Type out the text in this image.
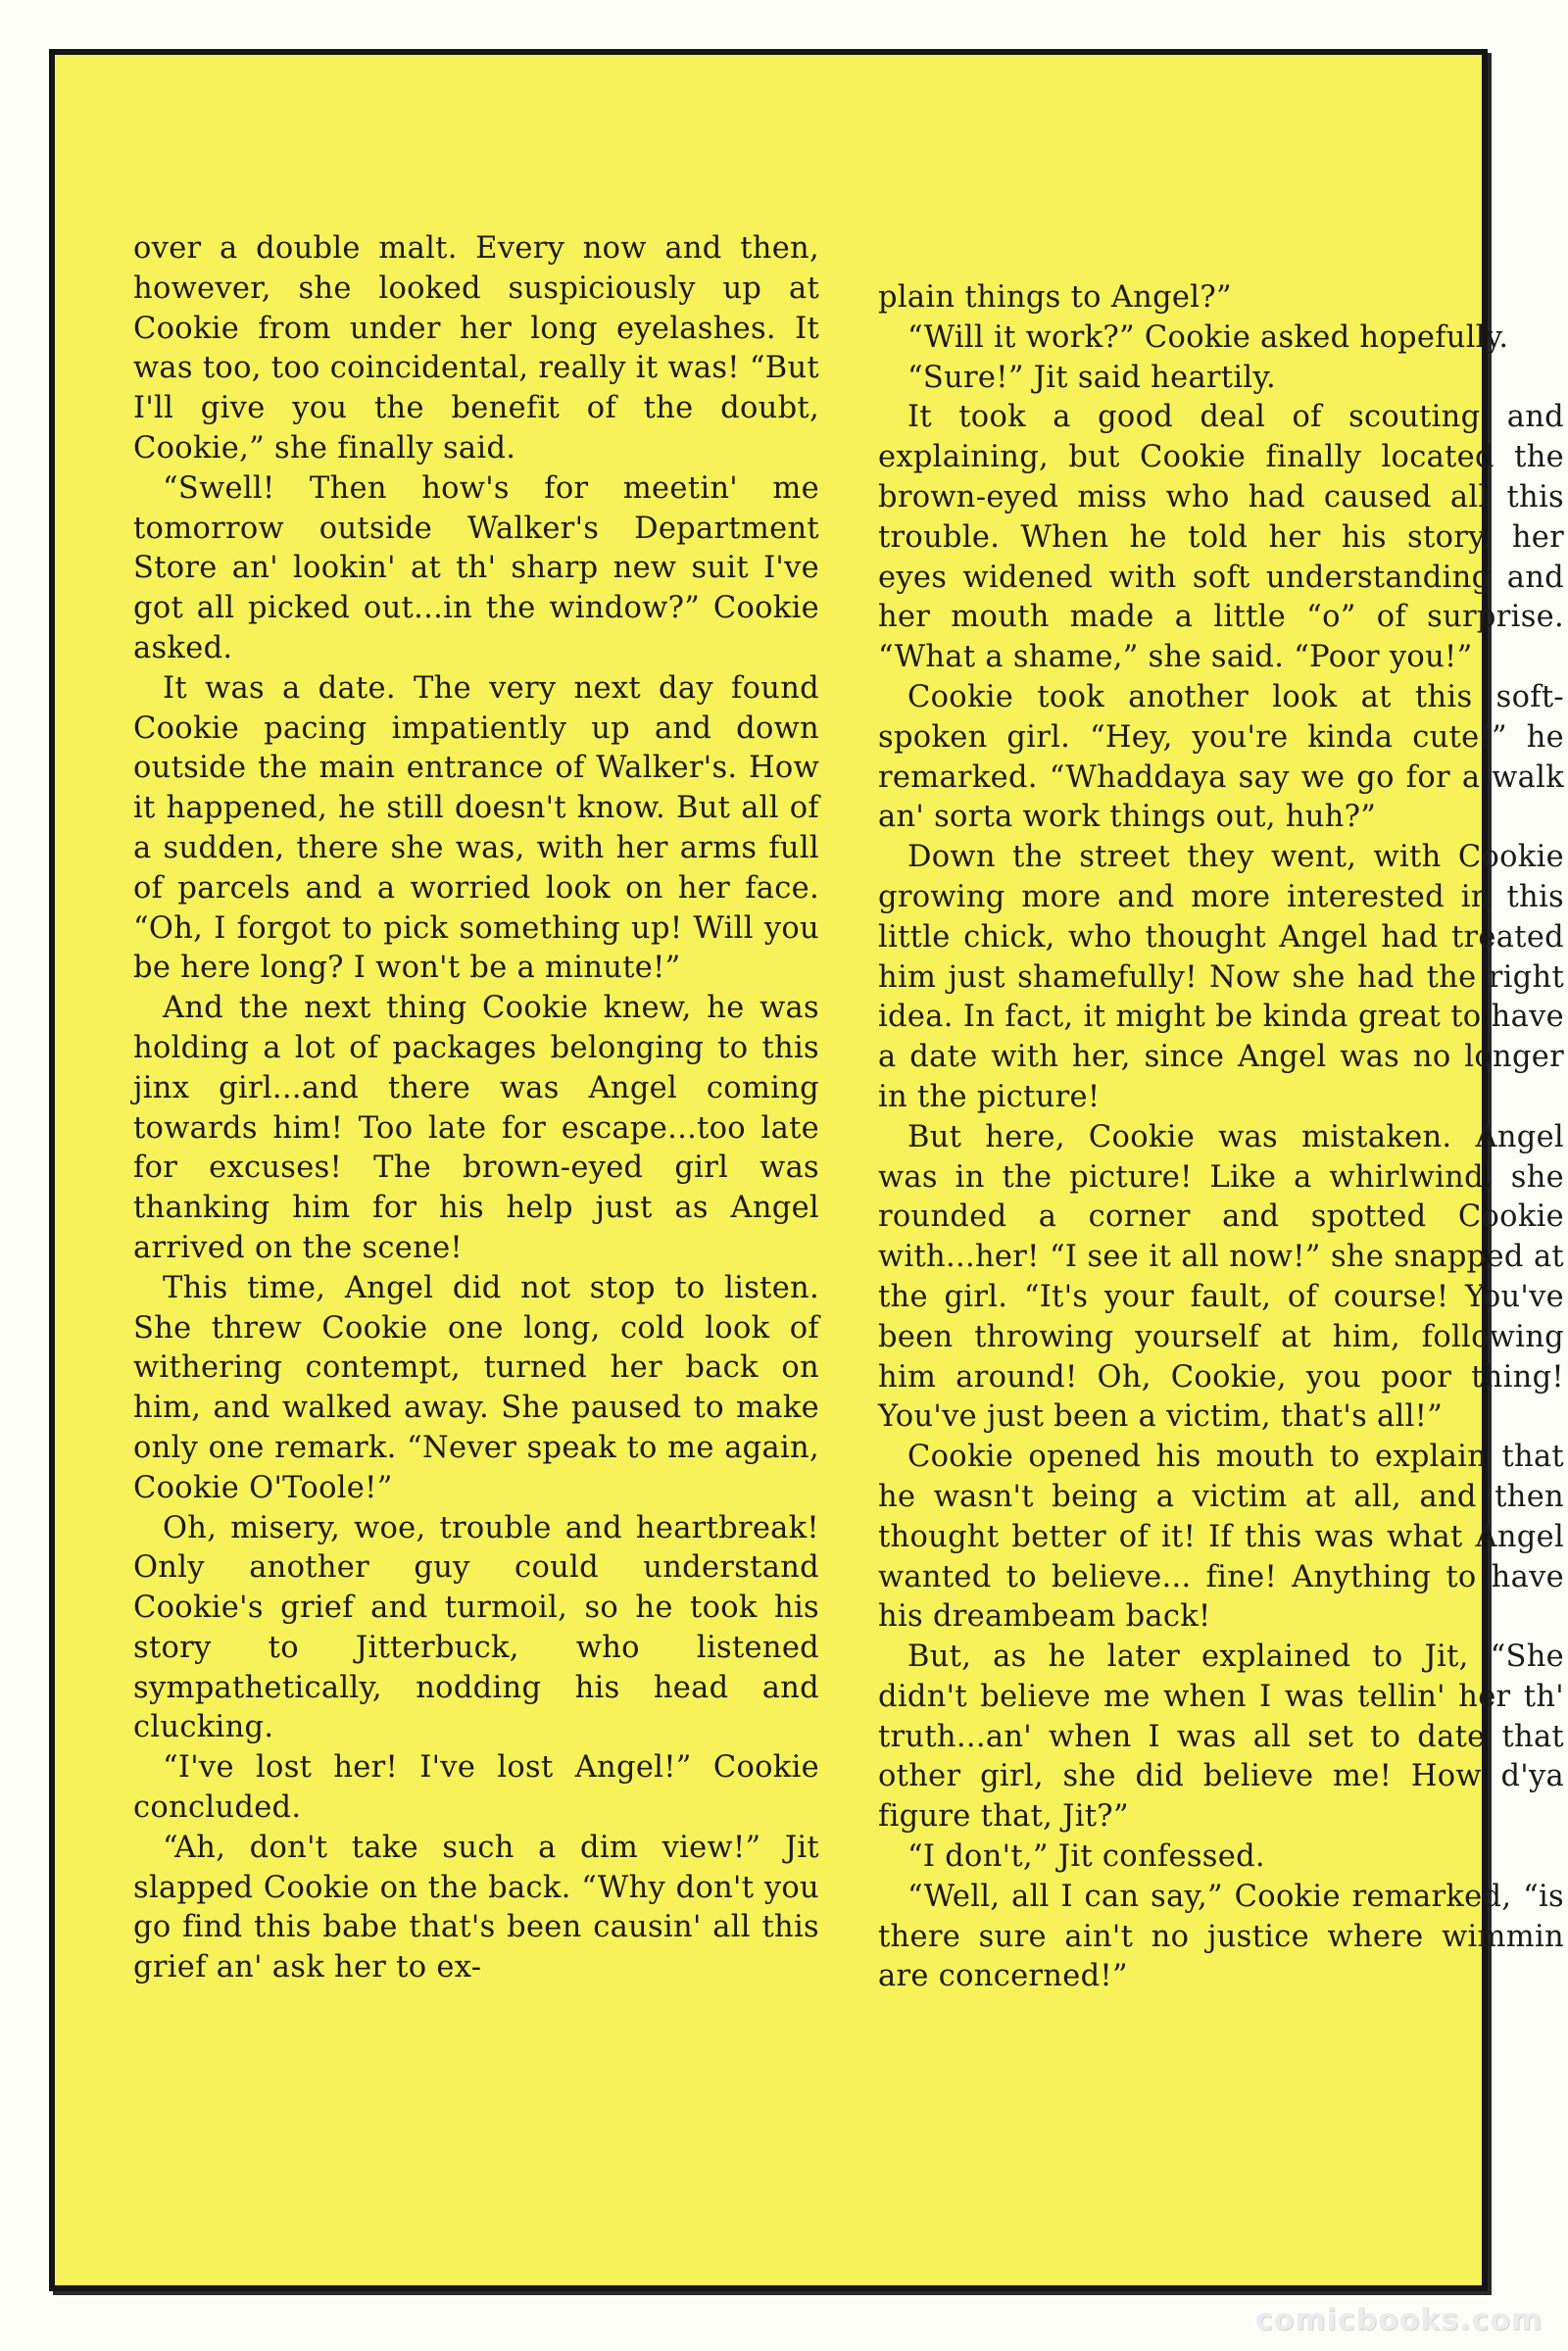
over a double malt. Every now and then, however, she looked suspiciously up at Cookie from under her long eyelashes. It was too, too coincidental, really it was! “But I'll give you the benefit of the doubt, Cookie,” she finally said.

“Swell! Then how's for meetin' me tomorrow outside Walker's Department Store an' lookin' at th' sharp new suit I've got all picked out...in the window?” Cookie asked.

It was a date. The very next day found Cookie pacing impatiently up and down outside the main entrance of Walker's. How it happened, he still doesn't know. But all of a sudden, there she was, with her arms full of parcels and a worried look on her face. “Oh, I forgot to pick something up! Will you be here long? I won't be a minute!”

And the next thing Cookie knew, he was holding a lot of packages belonging to this jinx girl...and there was Angel coming towards him! Too late for escape...too late for excuses! The brown-eyed girl was thanking him for his help just as Angel arrived on the scene!

This time, Angel did not stop to listen. She threw Cookie one long, cold look of withering contempt, turned her back on him, and walked away. She paused to make only one remark. “Never speak to me again, Cookie O'Toole!”

Oh, misery, woe, trouble and heartbreak! Only another guy could understand Cookie's grief and turmoil, so he took his story to Jitterbuck, who listened sympathetically, nodding his head and clucking.

“I've lost her! I've lost Angel!” Cookie concluded.

“Ah, don't take such a dim view!” Jit slapped Cookie on the back. “Why don't you go find this babe that's been causin' all this grief an' ask her to ex-

plain things to Angel?”

“Will it work?” Cookie asked hopefully.

“Sure!” Jit said heartily.

It took a good deal of scouting and explaining, but Cookie finally located the brown-eyed miss who had caused all this trouble. When he told her his story, her eyes widened with soft understanding and her mouth made a little “o” of surprise. “What a shame,” she said. “Poor you!”

Cookie took another look at this soft-spoken girl. “Hey, you're kinda cute!” he remarked. “Whaddaya say we go for a walk an' sorta work things out, huh?”

Down the street they went, with Cookie growing more and more interested in this little chick, who thought Angel had treated him just shamefully! Now she had the right idea. In fact, it might be kinda great to have a date with her, since Angel was no longer in the picture!

But here, Cookie was mistaken. Angel was in the picture! Like a whirlwind, she rounded a corner and spotted Cookie with...her! “I see it all now!” she snapped at the girl. “It's your fault, of course! You've been throwing yourself at him, following him around! Oh, Cookie, you poor thing! You've just been a victim, that's all!”

Cookie opened his mouth to explain that he wasn't being a victim at all, and then thought better of it! If this was what Angel wanted to believe... fine! Anything to have his dreambeam back!

But, as he later explained to Jit, “She didn't believe me when I was tellin' her th' truth...an' when I was all set to date that other girl, she did believe me! How d'ya figure that, Jit?”

“I don't,” Jit confessed.

“Well, all I can say,” Cookie remarked, “is there sure ain't no justice where wimmin are concerned!”

comicbooks.com
